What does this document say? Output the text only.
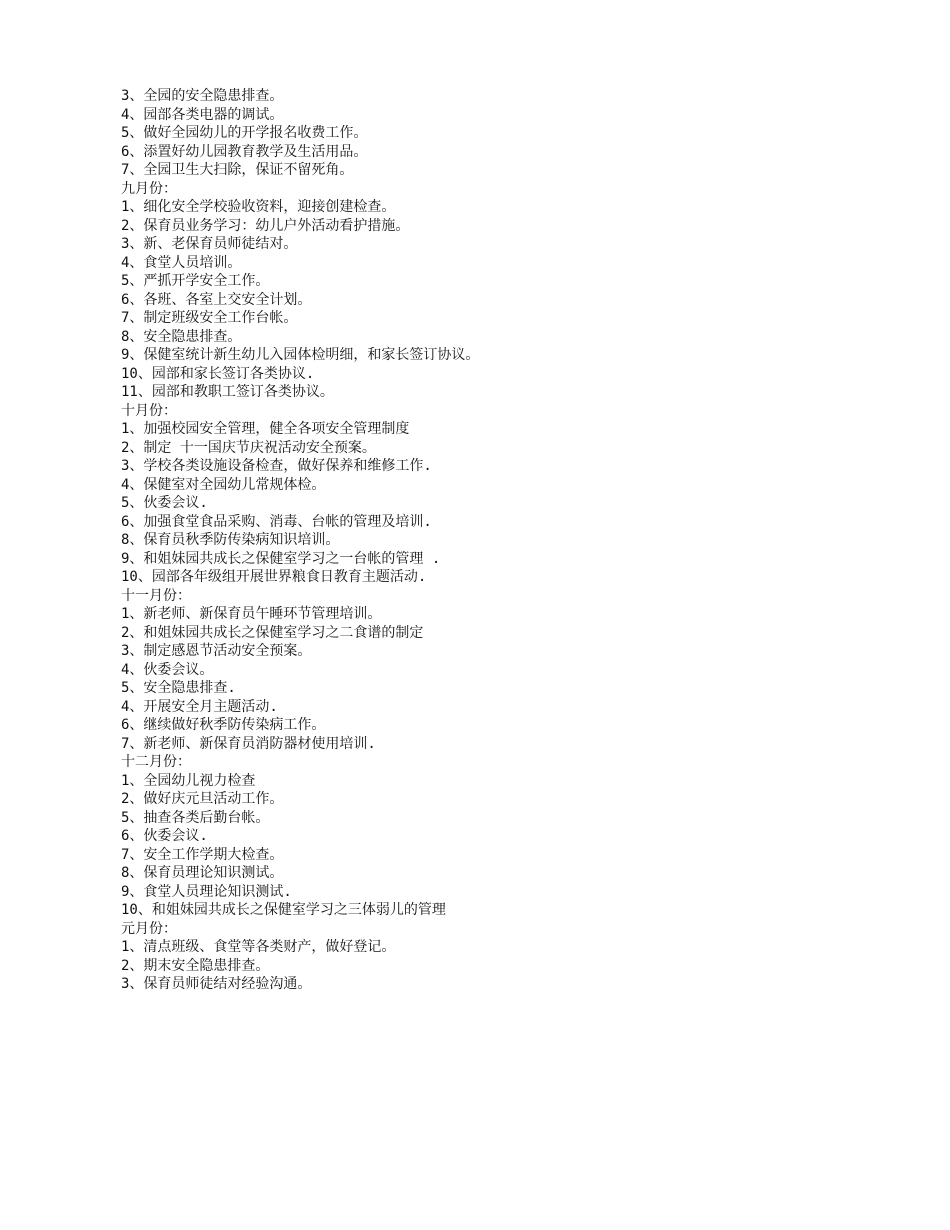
3、全园的安全隐患排查。

4、园部各类电器的调试。

5、做好全园幼儿的开学报名收费工作。

6、添置好幼儿园教育教学及生活用品。

7、全园卫生大扫除，保证不留死角。

九月份：

1、细化安全学校验收资料，迎接创建检查。

2、保育员业务学习：幼儿户外活动看护措施。

3、新、老保育员师徒结对。

4、食堂人员培训。

5、严抓开学安全工作。

6、各班、各室上交安全计划。

7、制定班级安全工作台帐。

8、安全隐患排查。

9、保健室统计新生幼儿入园体检明细，和家长签订协议。

10、园部和家长签订各类协议.

11、园部和教职工签订各类协议。

十月份：

1、加强校园安全管理，健全各项安全管理制度

2、制定 十一国庆节庆祝活动安全预案。

3、学校各类设施设备检查，做好保养和维修工作.

4、保健室对全园幼儿常规体检。

5、伙委会议.

6、加强食堂食品采购、消毒、台帐的管理及培训.

8、保育员秋季防传染病知识培训。

9、和姐妹园共成长之保健室学习之一台帐的管理 .

10、园部各年级组开展世界粮食日教育主题活动.

十一月份：

1、新老师、新保育员午睡环节管理培训。

2、和姐妹园共成长之保健室学习之二食谱的制定

3、制定感恩节活动安全预案。

4、伙委会议。

5、安全隐患排查.

4、开展安全月主题活动.

6、继续做好秋季防传染病工作。

7、新老师、新保育员消防器材使用培训.

十二月份：

1、全园幼儿视力检查

2、做好庆元旦活动工作。

5、抽查各类后勤台帐。

6、伙委会议.

7、安全工作学期大检查。

8、保育员理论知识测试。

9、食堂人员理论知识测试.

10、和姐妹园共成长之保健室学习之三体弱儿的管理

元月份：

1、清点班级、食堂等各类财产，做好登记。

2、期末安全隐患排查。

3、保育员师徒结对经验沟通。
